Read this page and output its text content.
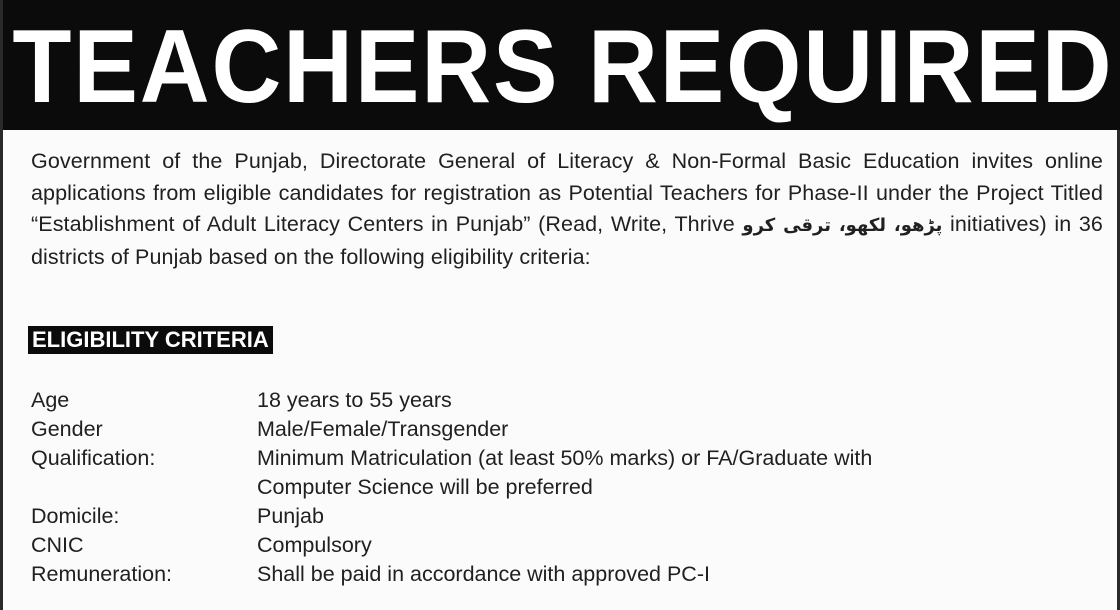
TEACHERS REQUIRED
Government of the Punjab, Directorate General of Literacy & Non-Formal Basic Education invites online applications from eligible candidates for registration as Potential Teachers for Phase-II under the Project Titled “Establishment of Adult Literacy Centers in Punjab” (Read, Write, Thrive پڑھو، لکھو، ترقی کرو initiatives) in 36 districts of Punjab based on the following eligibility criteria:
ELIGIBILITY CRITERIA
Age	18 years to 55 years
Gender	Male/Female/Transgender
Qualification:	Minimum Matriculation (at least 50% marks) or FA/Graduate with
Computer Science will be preferred
Domicile:	Punjab
CNIC	Compulsory
Remuneration:	Shall be paid in accordance with approved PC-I
